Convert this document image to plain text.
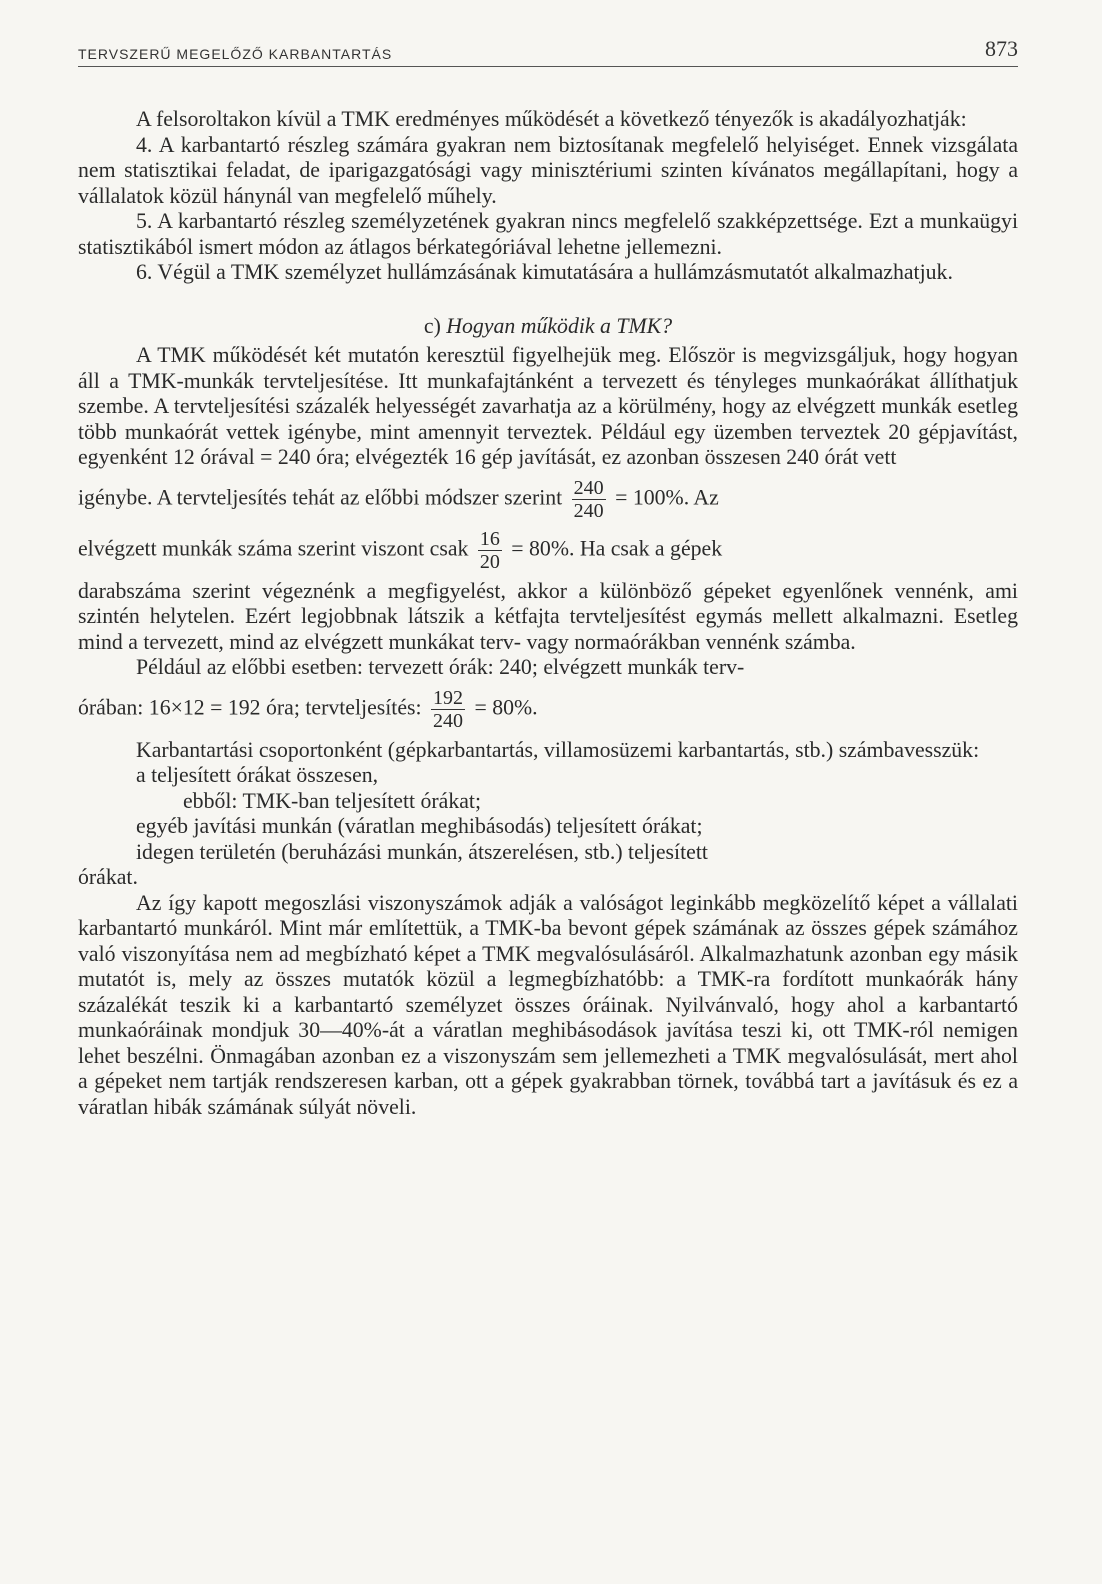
TERVSZERŰ MEGELŐZŐ KARBANTARTÁS	873

A felsoroltakon kívül a TMK eredményes működését a következő tényezők is akadályozhatják:

4. A karbantartó részleg számára gyakran nem biztosítanak megfelelő helyiséget. Ennek vizsgálata nem statisztikai feladat, de iparigazgatósági vagy minisztériumi szinten kívánatos megállapítani, hogy a vállalatok közül hánynál van megfelelő műhely.

5. A karbantartó részleg személyzetének gyakran nincs megfelelő szakképzettsége. Ezt a munkaügyi statisztikából ismert módon az átlagos bérkategóriával lehetne jellemezni.

6. Végül a TMK személyzet hullámzásának kimutatására a hullámzásmutatót alkalmazhatjuk.

c) Hogyan működik a TMK?

A TMK működését két mutatón keresztül figyelhejük meg. Először is megvizsgáljuk, hogy hogyan áll a TMK-munkák tervteljesítése. Itt munkafajtánként a tervezett és tényleges munkaórákat állíthatjuk szembe. A tervteljesítési százalék helyességét zavarhatja az a körülmény, hogy az elvégzett munkák esetleg több munkaórát vettek igénybe, mint amennyit terveztek. Például egy üzemben terveztek 20 gépjavítást, egyenként 12 órával = 240 óra; elvégezték 16 gép javítását, ez azonban összesen 240 órát vett

igénybe. A tervteljesítés tehát az előbbi módszer szerint $\frac{240}{240} = 100\%$. Az

elvégzett munkák száma szerint viszont csak $\frac{16}{20} = 80\%$. Ha csak a gépek

darabszáma szerint végeznénk a megfigyelést, akkor a különböző gépeket egyenlőnek vennénk, ami szintén helytelen. Ezért legjobbnak látszik a kétfajta tervteljesítést egymás mellett alkalmazni. Esetleg mind a tervezett, mind az elvégzett munkákat terv- vagy normaórákban vennénk számba.

Például az előbbi esetben: tervezett órák: 240; elvégzett munkák terv-

órában: 16×12 = 192 óra; tervteljesítés: $\frac{192}{240} = 80\%$.

Karbantartási csoportonként (gépkarbantartás, villamosüzemi karbantartás, stb.) számbavesszük:

a teljesített órákat összesen,

ebből: TMK-ban teljesített órákat;

egyéb javítási munkán (váratlan meghibásodás) teljesített órákat;

idegen területén (beruházási munkán, átszerelésen, stb.) teljesített

órákat.

Az így kapott megoszlási viszonyszámok adják a valóságot leginkább megközelítő képet a vállalati karbantartó munkáról. Mint már említettük, a TMK-ba bevont gépek számának az összes gépek számához való viszonyítása nem ad megbízható képet a TMK megvalósulásáról. Alkalmazhatunk azonban egy másik mutatót is, mely az összes mutatók közül a legmegbízhatóbb: a TMK-ra fordított munkaórák hány százalékát teszik ki a karbantartó személyzet összes óráinak. Nyilvánvaló, hogy ahol a karbantartó munkaóráinak mondjuk 30—40%-át a váratlan meghibásodások javítása teszi ki, ott TMK-ról nemigen lehet beszélni. Önmagában azonban ez a viszonyszám sem jellemezheti a TMK megvalósulását, mert ahol a gépeket nem tartják rendszeresen karban, ott a gépek gyakrabban törnek, továbbá tart a javításuk és ez a váratlan hibák számának súlyát növeli.
